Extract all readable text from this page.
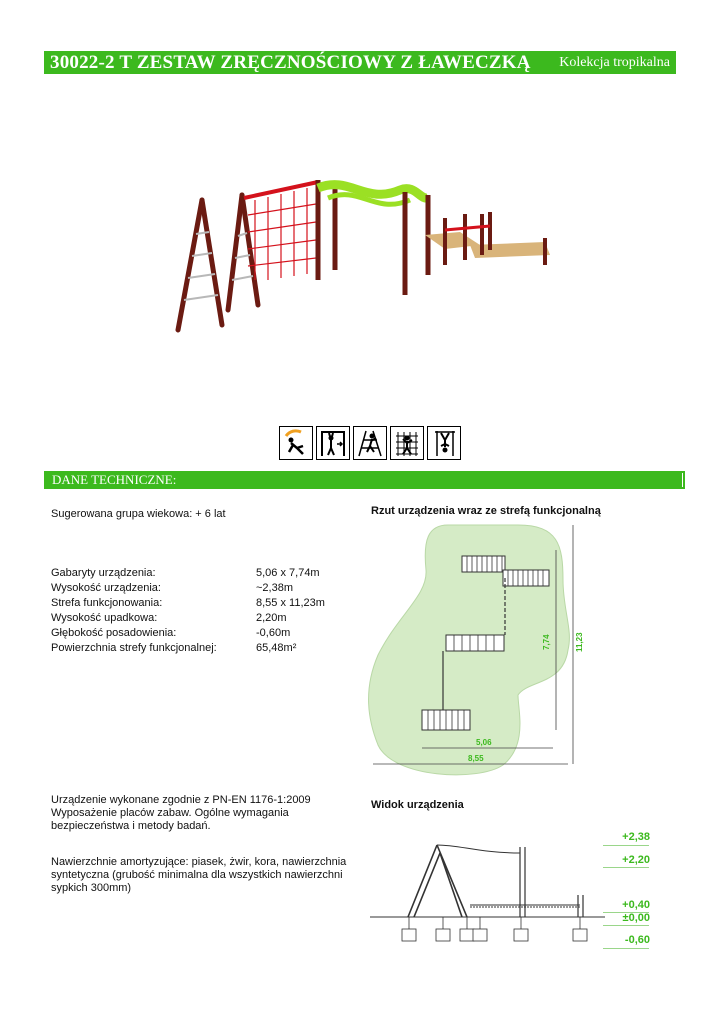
30022-2 T ZESTAW ZRĘCZNOŚCIOWY Z ŁAWECZKĄ Kolekcja tropikalna
DANE TECHNICZNE:
Sugerowana grupa wiekowa: + 6 lat
Gabaryty urządzenia:	5,06 x 7,74m
Wysokość urządzenia:	~2,38m
Strefa funkcjonowania:	8,55 x 11,23m
Wysokość upadkowa:	2,20m
Głębokość posadowienia:	-0,60m
Powierzchnia strefy funkcjonalnej:	65,48m²
Urządzenie wykonane zgodnie z PN-EN 1176-1:2009
Wyposażenie placów zabaw. Ogólne wymagania
bezpieczeństwa i metody badań.
Nawierzchnie amortyzujące: piasek, żwir, kora, nawierzchnia
syntetyczna (grubość minimalna dla wszystkich nawierzchni
sypkich 300mm)
Rzut urządzenia wraz ze strefą funkcjonalną
5,06
8,55
7,74	11,23
Widok urządzenia
+2,38
+2,20
+0,40
±0,00
-0,60
